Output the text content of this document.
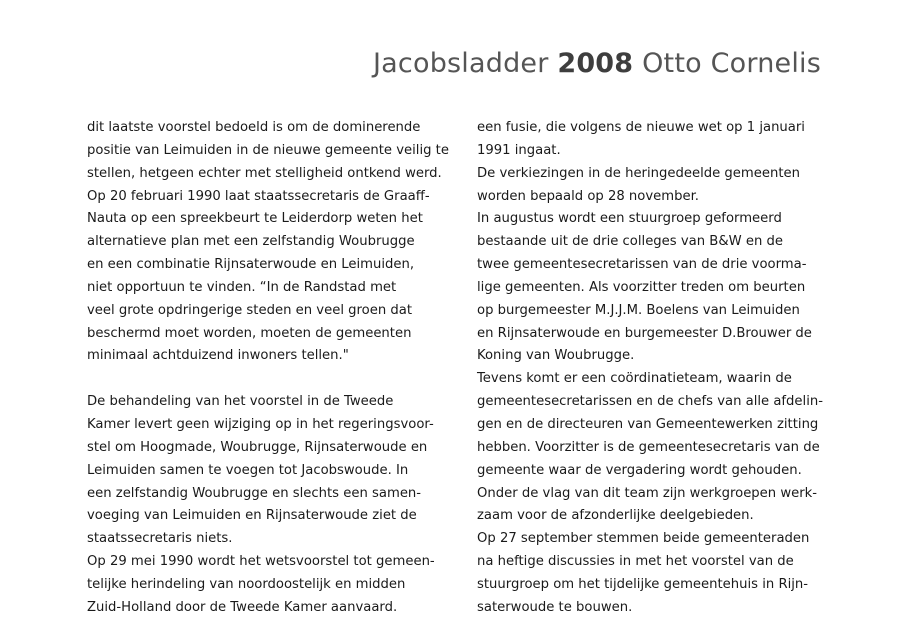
Jacobsladder 2008 Otto Cornelis
dit laatste voorstel bedoeld is om de dominerende
positie van Leimuiden in de nieuwe gemeente veilig te
stellen, hetgeen echter met stelligheid ontkend werd.
Op 20 februari 1990 laat staatssecretaris de Graaff-
Nauta op een spreekbeurt te Leiderdorp weten het
alternatieve plan met een zelfstandig Woubrugge
en een combinatie Rijnsaterwoude en Leimuiden,
niet opportuun te vinden. “In de Randstad met
veel grote opdringerige steden en veel groen dat
beschermd moet worden, moeten de gemeenten
minimaal achtduizend inwoners tellen."
De behandeling van het voorstel in de Tweede
Kamer levert geen wijziging op in het regeringsvoor-
stel om Hoogmade, Woubrugge, Rijnsaterwoude en
Leimuiden samen te voegen tot Jacobswoude. In
een zelfstandig Woubrugge en slechts een samen-
voeging van Leimuiden en Rijnsaterwoude ziet de
staatssecretaris niets.
Op 29 mei 1990 wordt het wetsvoorstel tot gemeen-
telijke herindeling van noordoostelijk en midden
Zuid-Holland door de Tweede Kamer aanvaard.
een fusie, die volgens de nieuwe wet op 1 januari
1991 ingaat.
De verkiezingen in de heringedeelde gemeenten
worden bepaald op 28 november.
In augustus wordt een stuurgroep geformeerd
bestaande uit de drie colleges van B&W en de
twee gemeentesecretarissen van de drie voorma-
lige gemeenten. Als voorzitter treden om beurten
op burgemeester M.J.J.M. Boelens van Leimuiden
en Rijnsaterwoude en burgemeester D.Brouwer de
Koning van Woubrugge.
Tevens komt er een coördinatieteam, waarin de
gemeentesecretarissen en de chefs van alle afdelin-
gen en de directeuren van Gemeentewerken zitting
hebben. Voorzitter is de gemeentesecretaris van de
gemeente waar de vergadering wordt gehouden.
Onder de vlag van dit team zijn werkgroepen werk-
zaam voor de afzonderlijke deelgebieden.
Op 27 september stemmen beide gemeenteraden
na heftige discussies in met het voorstel van de
stuurgroep om het tijdelijke gemeentehuis in Rijn-
saterwoude te bouwen.
